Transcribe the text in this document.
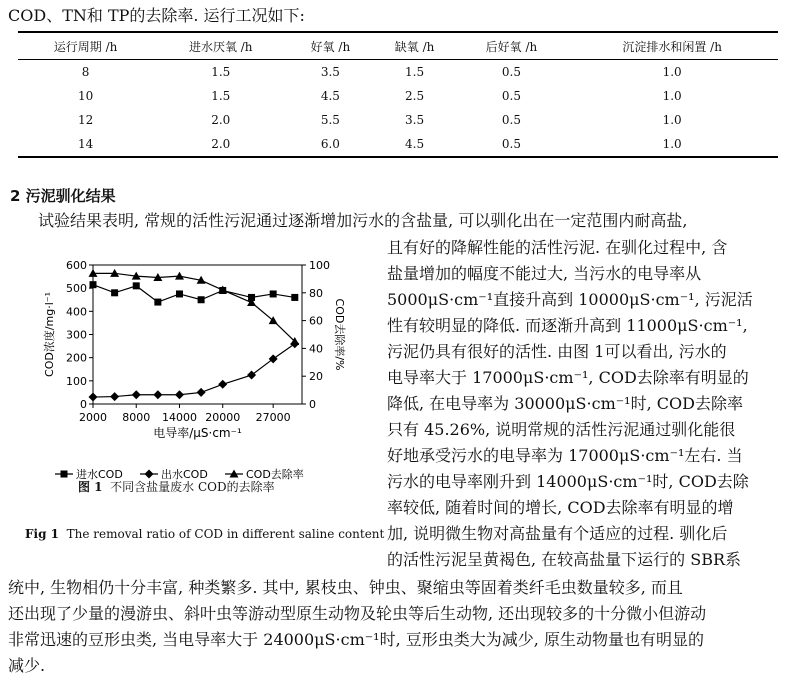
COD、TN和 TP的去除率. 运行工况如下:
运行周期 /h	进水厌氧 /h	好氧 /h	缺氧 /h	后好氧 /h	沉淀排水和闲置 /h
8	1.5	3.5	1.5	0.5	1.0
10	1.5	4.5	2.5	0.5	1.0
12	2.0	5.5	3.5	0.5	1.0
14	2.0	6.0	4.5	0.5	1.0
2 污泥驯化结果
试验结果表明, 常规的活性污泥通过逐渐增加污水的含盐量, 可以驯化出在一定范围内耐高盐,
且有好的降解性能的活性污泥. 在驯化过程中, 含
盐量增加的幅度不能过大, 当污水的电导率从
5000μS·cm⁻¹直接升高到 10000μS·cm⁻¹, 污泥活
性有较明显的降低. 而逐渐升高到 11000μS·cm⁻¹,
污泥仍具有很好的活性. 由图 1可以看出, 污水的
电导率大于 17000μS·cm⁻¹, COD去除率有明显的
降低, 在电导率为 30000μS·cm⁻¹时, COD去除率
只有 45.26%, 说明常规的活性污泥通过驯化能很
好地承受污水的电导率为 17000μS·cm⁻¹左右. 当
污水的电导率刚升到 14000μS·cm⁻¹时, COD去除
率较低, 随着时间的增长, COD去除率有明显的增
加, 说明微生物对高盐量有个适应的过程. 驯化后
的活性污泥呈黄褐色, 在较高盐量下运行的 SBR系
统中, 生物相仍十分丰富, 种类繁多. 其中, 累枝虫、钟虫、聚缩虫等固着类纤毛虫数量较多, 而且
还出现了少量的漫游虫、斜叶虫等游动型原生动物及轮虫等后生动物, 还出现较多的十分微小但游动
非常迅速的豆形虫类, 当电导率大于 24000μS·cm⁻¹时, 豆形虫类大为减少, 原生动物量也有明显的
减少.
0
100
200
300
400
500
600
0
20
40
60
80
100
2000 8000 14000 20000 27000
电导率/μS·cm⁻¹
COD浓度/mg·l⁻¹	COD去除率/%
进水COD	出水COD	COD去除率
图 1 不同含盐量废水 COD的去除率
Fig 1 The removal ratio of COD in different saline content
